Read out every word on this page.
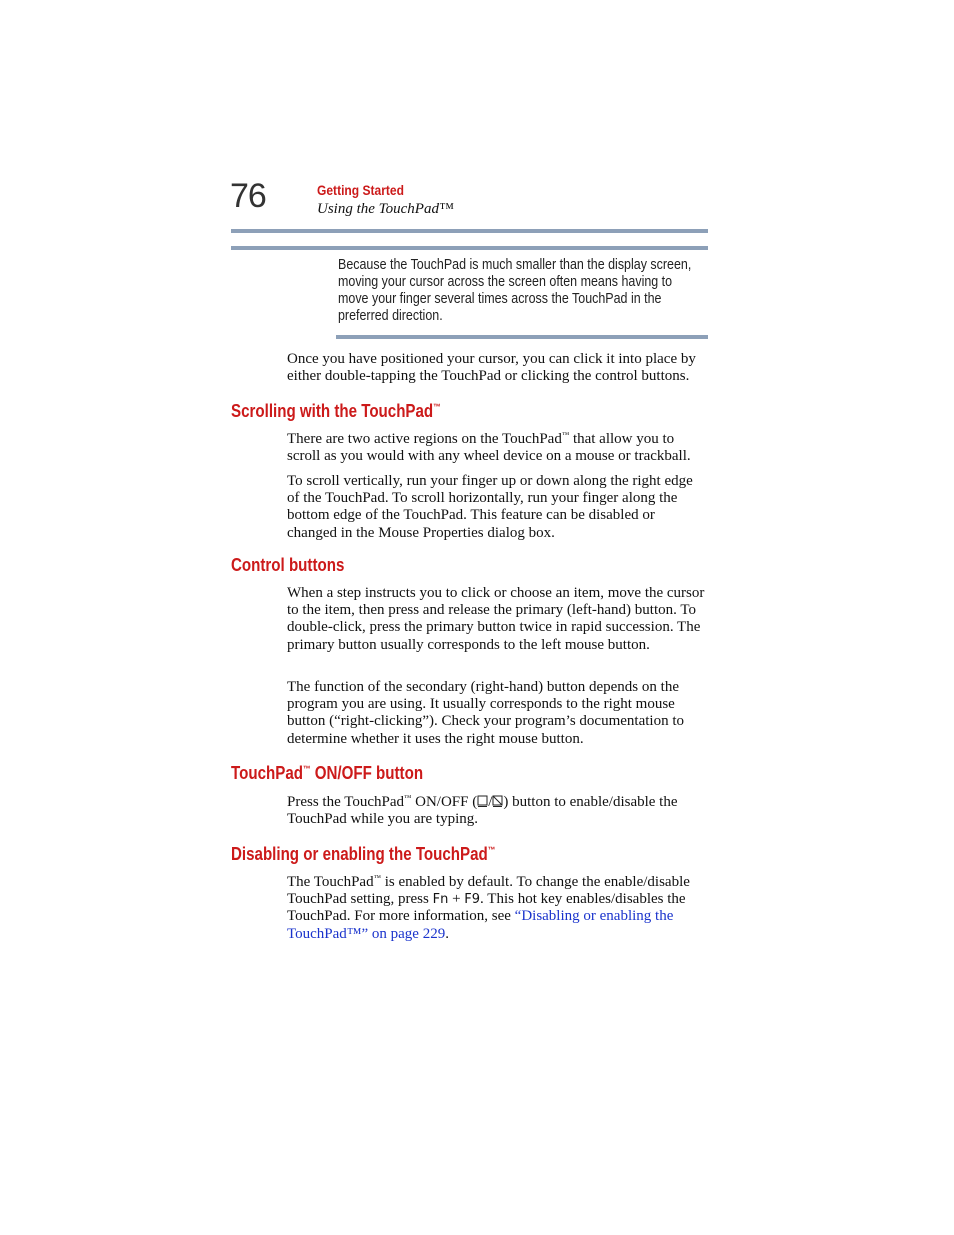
76	Getting Started
Using the TouchPad™
Because the TouchPad is much smaller than the display screen, moving your cursor across the screen often means having to move your finger several times across the TouchPad in the preferred direction.
Once you have positioned your cursor, you can click it into place by either double-tapping the TouchPad or clicking the control buttons.
Scrolling with the TouchPad™
There are two active regions on the TouchPad™ that allow you to scroll as you would with any wheel device on a mouse or trackball.
To scroll vertically, run your finger up or down along the right edge of the TouchPad. To scroll horizontally, run your finger along the bottom edge of the TouchPad. This feature can be disabled or changed in the Mouse Properties dialog box.
Control buttons
When a step instructs you to click or choose an item, move the cursor to the item, then press and release the primary (left-hand) button. To double-click, press the primary button twice in rapid succession. The primary button usually corresponds to the left mouse button.
The function of the secondary (right-hand) button depends on the program you are using. It usually corresponds to the right mouse button (“right-clicking”). Check your program’s documentation to determine whether it uses the right mouse button.
TouchPad™ ON/OFF button
Press the TouchPad™ ON/OFF ( / ) button to enable/disable the TouchPad while you are typing.
Disabling or enabling the TouchPad™
The TouchPad™ is enabled by default. To change the enable/disable TouchPad setting, press Fn + F9. This hot key enables/disables the TouchPad. For more information, see “Disabling or enabling the TouchPad™” on page 229.
